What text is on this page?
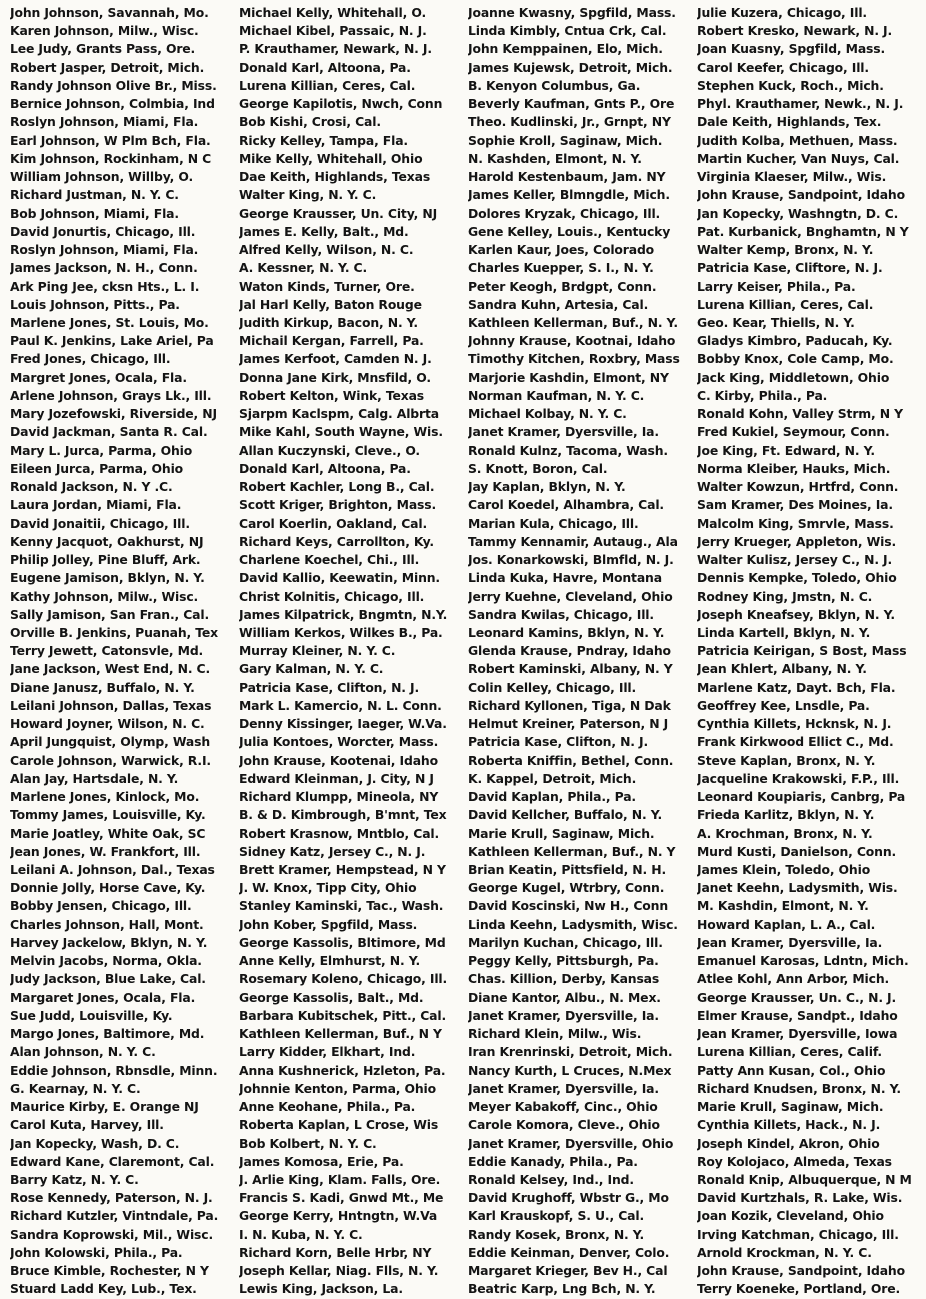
John Johnson, Savannah, Mo.
Karen Johnson, Milw., Wisc.
Lee Judy, Grants Pass, Ore.
Robert Jasper, Detroit, Mich.
Randy Johnson Olive Br., Miss.
Bernice Johnson, Colmbia, Ind
Roslyn Johnson, Miami, Fla.
Earl Johnson, W Plm Bch, Fla.
Kim Johnson, Rockinham, N C
William Johnson, Willby, O.
Richard Justman, N. Y. C.
Bob Johnson, Miami, Fla.
David Jonurtis, Chicago, Ill.
Roslyn Johnson, Miami, Fla.
James Jackson, N. H., Conn.
Ark Ping Jee, cksn Hts., L. I.
Louis Johnson, Pitts., Pa.
Marlene Jones, St. Louis, Mo.
Paul K. Jenkins, Lake Ariel, Pa
Fred Jones, Chicago, Ill.
Margret Jones, Ocala, Fla.
Arlene Johnson, Grays Lk., Ill.
Mary Jozefowski, Riverside, NJ
David Jackman, Santa R. Cal.
Mary L. Jurca, Parma, Ohio
Eileen Jurca, Parma, Ohio
Ronald Jackson, N. Y .C.
Laura Jordan, Miami, Fla.
David Jonaitii, Chicago, Ill.
Kenny Jacquot, Oakhurst, NJ
Philip Jolley, Pine Bluff, Ark.
Eugene Jamison, Bklyn, N. Y.
Kathy Johnson, Milw., Wisc.
Sally Jamison, San Fran., Cal.
Orville B. Jenkins, Puanah, Tex
Terry Jewett, Catonsvle, Md.
Jane Jackson, West End, N. C.
Diane Janusz, Buffalo, N. Y.
Leilani Johnson, Dallas, Texas
Howard Joyner, Wilson, N. C.
April Jungquist, Olymp, Wash
Carole Johnson, Warwick, R.I.
Alan Jay, Hartsdale, N. Y.
Marlene Jones, Kinlock, Mo.
Tommy James, Louisville, Ky.
Marie Joatley, White Oak, SC
Jean Jones, W. Frankfort, Ill.
Leilani A. Johnson, Dal., Texas
Donnie Jolly, Horse Cave, Ky.
Bobby Jensen, Chicago, Ill.
Charles Johnson, Hall, Mont.
Harvey Jackelow, Bklyn, N. Y.
Melvin Jacobs, Norma, Okla.
Judy Jackson, Blue Lake, Cal.
Margaret Jones, Ocala, Fla.
Sue Judd, Louisville, Ky.
Margo Jones, Baltimore, Md.
Alan Johnson, N. Y. C.
Eddie Johnson, Rbnsdle, Minn.
G. Kearnay, N. Y. C.
Maurice Kirby, E. Orange NJ
Carol Kuta, Harvey, Ill.
Jan Kopecky, Wash, D. C.
Edward Kane, Claremont, Cal.
Barry Katz, N. Y. C.
Rose Kennedy, Paterson, N. J.
Richard Kutzler, Vintndale, Pa.
Sandra Koprowski, Mil., Wisc.
John Kolowski, Phila., Pa.
Bruce Kimble, Rochester, N Y
Stuard Ladd Key, Lub., Tex.
Michael Kelly, Whitehall, O.
Michael Kibel, Passaic, N. J.
P. Krauthamer, Newark, N. J.
Donald Karl, Altoona, Pa.
Lurena Killian, Ceres, Cal.
George Kapilotis, Nwch, Conn
Bob Kishi, Crosi, Cal.
Ricky Kelley, Tampa, Fla.
Mike Kelly, Whitehall, Ohio
Dae Keith, Highlands, Texas
Walter King, N. Y. C.
George Krausser, Un. City, NJ
James E. Kelly, Balt., Md.
Alfred Kelly, Wilson, N. C.
A. Kessner, N. Y. C.
Waton Kinds, Turner, Ore.
Jal Harl Kelly, Baton Rouge
Judith Kirkup, Bacon, N. Y.
Michail Kergan, Farrell, Pa.
James Kerfoot, Camden N. J.
Donna Jane Kirk, Mnsfild, O.
Robert Kelton, Wink, Texas
Sjarpm Kaclspm, Calg. Albrta
Mike Kahl, South Wayne, Wis.
Allan Kuczynski, Cleve., O.
Donald Karl, Altoona, Pa.
Robert Kachler, Long B., Cal.
Scott Kriger, Brighton, Mass.
Carol Koerlin, Oakland, Cal.
Richard Keys, Carrollton, Ky.
Charlene Koechel, Chi., Ill.
David Kallio, Keewatin, Minn.
Christ Kolnitis, Chicago, Ill.
James Kilpatrick, Bngmtn, N.Y.
William Kerkos, Wilkes B., Pa.
Murray Kleiner, N. Y. C.
Gary Kalman, N. Y. C.
Patricia Kase, Clifton, N. J.
Mark L. Kamercio, N. L. Conn.
Denny Kissinger, Iaeger, W.Va.
Julia Kontoes, Worcter, Mass.
John Krause, Kootenai, Idaho
Edward Kleinman, J. City, N J
Richard Klumpp, Mineola, NY
B. & D. Kimbrough, B'mnt, Tex
Robert Krasnow, Mntblo, Cal.
Sidney Katz, Jersey C., N. J.
Brett Kramer, Hempstead, N Y
J. W. Knox, Tipp City, Ohio
Stanley Kaminski, Tac., Wash.
John Kober, Spgfild, Mass.
George Kassolis, Bltimore, Md
Anne Kelly, Elmhurst, N. Y.
Rosemary Koleno, Chicago, Ill.
George Kassolis, Balt., Md.
Barbara Kubitschek, Pitt., Cal.
Kathleen Kellerman, Buf., N Y
Larry Kidder, Elkhart, Ind.
Anna Kushnerick, Hzleton, Pa.
Johnnie Kenton, Parma, Ohio
Anne Keohane, Phila., Pa.
Roberta Kaplan, L Crose, Wis
Bob Kolbert, N. Y. C.
James Komosa, Erie, Pa.
J. Arlie King, Klam. Falls, Ore.
Francis S. Kadi, Gnwd Mt., Me
George Kerry, Hntngtn, W.Va
I. N. Kuba, N. Y. C.
Richard Korn, Belle Hrbr, NY
Joseph Kellar, Niag. Flls, N. Y.
Lewis King, Jackson, La.
Joanne Kwasny, Spgfild, Mass.
Linda Kimbly, Cntua Crk, Cal.
John Kemppainen, Elo, Mich.
James Kujewsk, Detroit, Mich.
B. Kenyon Columbus, Ga.
Beverly Kaufman, Gnts P., Ore
Theo. Kudlinski, Jr., Grnpt, NY
Sophie Kroll, Saginaw, Mich.
N. Kashden, Elmont, N. Y.
Harold Kestenbaum, Jam. NY
James Keller, Blmngdle, Mich.
Dolores Kryzak, Chicago, Ill.
Gene Kelley, Louis., Kentucky
Karlen Kaur, Joes, Colorado
Charles Kuepper, S. I., N. Y.
Peter Keogh, Brdgpt, Conn.
Sandra Kuhn, Artesia, Cal.
Kathleen Kellerman, Buf., N. Y.
Johnny Krause, Kootnai, Idaho
Timothy Kitchen, Roxbry, Mass
Marjorie Kashdin, Elmont, NY
Norman Kaufman, N. Y. C.
Michael Kolbay, N. Y. C.
Janet Kramer, Dyersville, Ia.
Ronald Kulnz, Tacoma, Wash.
S. Knott, Boron, Cal.
Jay Kaplan, Bklyn, N. Y.
Carol Koedel, Alhambra, Cal.
Marian Kula, Chicago, Ill.
Tammy Kennamir, Autaug., Ala
Jos. Konarkowski, Blmfld, N. J.
Linda Kuka, Havre, Montana
Jerry Kuehne, Cleveland, Ohio
Sandra Kwilas, Chicago, Ill.
Leonard Kamins, Bklyn, N. Y.
Glenda Krause, Pndray, Idaho
Robert Kaminski, Albany, N. Y
Colin Kelley, Chicago, Ill.
Richard Kyllonen, Tiga, N Dak
Helmut Kreiner, Paterson, N J
Patricia Kase, Clifton, N. J.
Roberta Kniffin, Bethel, Conn.
K. Kappel, Detroit, Mich.
David Kaplan, Phila., Pa.
David Kellcher, Buffalo, N. Y.
Marie Krull, Saginaw, Mich.
Kathleen Kellerman, Buf., N. Y
Brian Keatin, Pittsfield, N. H.
George Kugel, Wtrbry, Conn.
David Koscinski, Nw H., Conn
Linda Keehn, Ladysmith, Wisc.
Marilyn Kuchan, Chicago, Ill.
Peggy Kelly, Pittsburgh, Pa.
Chas. Killion, Derby, Kansas
Diane Kantor, Albu., N. Mex.
Janet Kramer, Dyersville, Ia.
Richard Klein, Milw., Wis.
Iran Krenrinski, Detroit, Mich.
Nancy Kurth, L Cruces, N.Mex
Janet Kramer, Dyersville, Ia.
Meyer Kabakoff, Cinc., Ohio
Carole Komora, Cleve., Ohio
Janet Kramer, Dyersville, Ohio
Eddie Kanady, Phila., Pa.
Ronald Kelsey, Ind., Ind.
David Krughoff, Wbstr G., Mo
Karl Krauskopf, S. U., Cal.
Randy Kosek, Bronx, N. Y.
Eddie Keinman, Denver, Colo.
Margaret Krieger, Bev H., Cal
Beatric Karp, Lng Bch, N. Y.
Julie Kuzera, Chicago, Ill.
Robert Kresko, Newark, N. J.
Joan Kuasny, Spgfild, Mass.
Carol Keefer, Chicago, Ill.
Stephen Kuck, Roch., Mich.
Phyl. Krauthamer, Newk., N. J.
Dale Keith, Highlands, Tex.
Judith Kolba, Methuen, Mass.
Martin Kucher, Van Nuys, Cal.
Virginia Klaeser, Milw., Wis.
John Krause, Sandpoint, Idaho
Jan Kopecky, Washngtn, D. C.
Pat. Kurbanick, Bnghamtn, N Y
Walter Kemp, Bronx, N. Y.
Patricia Kase, Cliftore, N. J.
Larry Keiser, Phila., Pa.
Lurena Killian, Ceres, Cal.
Geo. Kear, Thiells, N. Y.
Gladys Kimbro, Paducah, Ky.
Bobby Knox, Cole Camp, Mo.
Jack King, Middletown, Ohio
C. Kirby, Phila., Pa.
Ronald Kohn, Valley Strm, N Y
Fred Kukiel, Seymour, Conn.
Joe King, Ft. Edward, N. Y.
Norma Kleiber, Hauks, Mich.
Walter Kowzun, Hrtfrd, Conn.
Sam Kramer, Des Moines, Ia.
Malcolm King, Smrvle, Mass.
Jerry Krueger, Appleton, Wis.
Walter Kulisz, Jersey C., N. J.
Dennis Kempke, Toledo, Ohio
Rodney King, Jmstn, N. C.
Joseph Kneafsey, Bklyn, N. Y.
Linda Kartell, Bklyn, N. Y.
Patricia Keirigan, S Bost, Mass
Jean Khlert, Albany, N. Y.
Marlene Katz, Dayt. Bch, Fla.
Geoffrey Kee, Lnsdle, Pa.
Cynthia Killets, Hcknsk, N. J.
Frank Kirkwood Ellict C., Md.
Steve Kaplan, Bronx, N. Y.
Jacqueline Krakowski, F.P., Ill.
Leonard Koupiaris, Canbrg, Pa
Frieda Karlitz, Bklyn, N. Y.
A. Krochman, Bronx, N. Y.
Murd Kusti, Danielson, Conn.
James Klein, Toledo, Ohio
Janet Keehn, Ladysmith, Wis.
M. Kashdin, Elmont, N. Y.
Howard Kaplan, L. A., Cal.
Jean Kramer, Dyersville, Ia.
Emanuel Karosas, Ldntn, Mich.
Atlee Kohl, Ann Arbor, Mich.
George Krausser, Un. C., N. J.
Elmer Krause, Sandpt., Idaho
Jean Kramer, Dyersville, Iowa
Lurena Killian, Ceres, Calif.
Patty Ann Kusan, Col., Ohio
Richard Knudsen, Bronx, N. Y.
Marie Krull, Saginaw, Mich.
Cynthia Killets, Hack., N. J.
Joseph Kindel, Akron, Ohio
Roy Kolojaco, Almeda, Texas
Ronald Knip, Albuquerque, N M
David Kurtzhals, R. Lake, Wis.
Joan Kozik, Cleveland, Ohio
Irving Katchman, Chicago, Ill.
Arnold Krockman, N. Y. C.
John Krause, Sandpoint, Idaho
Terry Koeneke, Portland, Ore.
